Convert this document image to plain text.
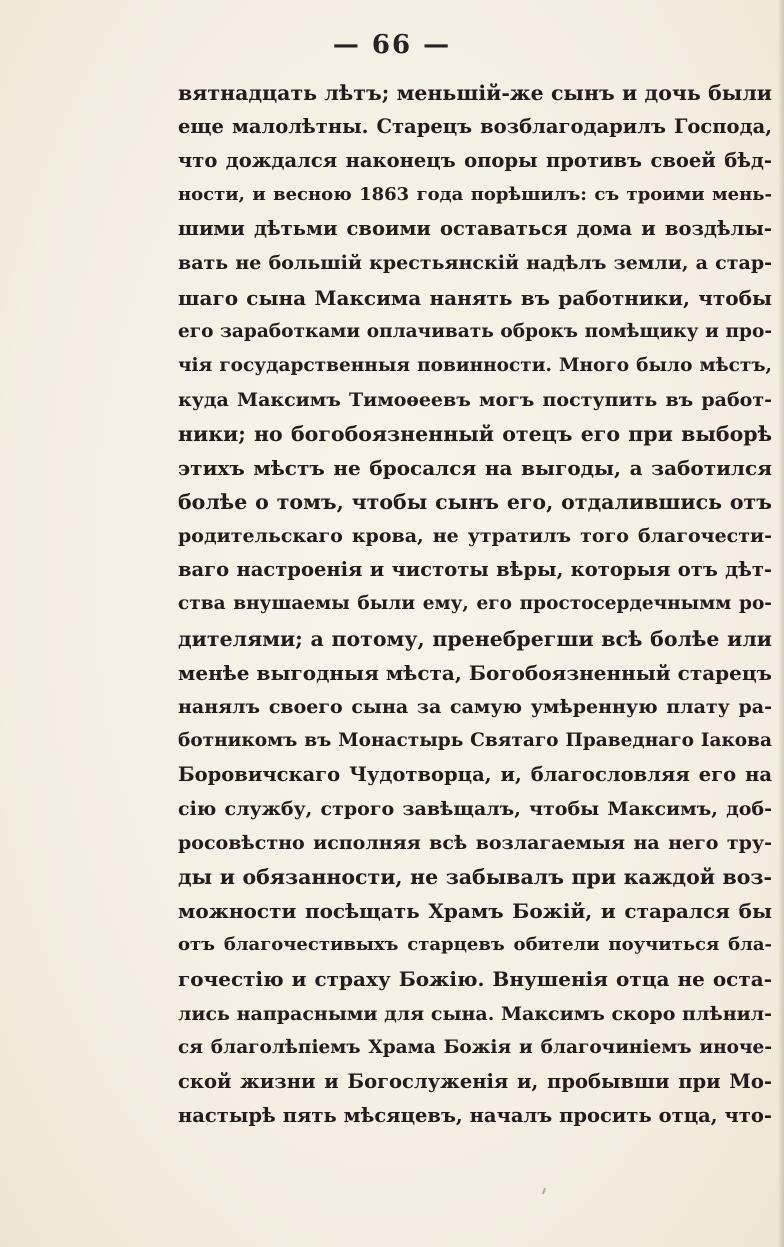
— 66 —
вятнадцать лѣтъ; меньшій-же сынъ и дочь были
еще малолѣтны. Старецъ возблагодарилъ Господа,
что дождался наконецъ опоры противъ своей бѣд-
ности, и весною 1863 года порѣшилъ: съ троими мень-
шими дѣтьми своими оставаться дома и воздѣлы-
вать не большій крестьянскій надѣлъ земли, а стар-
шаго сына Максима нанять въ работники, чтобы
его заработками оплачивать оброкъ помѣщику и про-
чія государственныя повинности. Много было мѣстъ,
куда Максимъ Тимоѳеевъ могъ поступить въ работ-
ники; но богобоязненный отецъ его при выборѣ
этихъ мѣстъ не бросался на выгоды, а заботился
болѣе о томъ, чтобы сынъ его, отдалившись отъ
родительскаго крова, не утратилъ того благочести-
ваго настроенія и чистоты вѣры, которыя отъ дѣт-
ства внушаемы были ему, его простосердечнымм ро-
дителями; а потому, пренебрегши всѣ болѣе или
менѣе выгодныя мѣста, Богобоязненный старецъ
нанялъ своего сына за самую умѣренную плату ра-
ботникомъ въ Монастырь Святаго Праведнаго Іакова
Боровичскаго Чудотворца, и, благословляя его на
сію службу, строго завѣщалъ, чтобы Максимъ, доб-
росовѣстно исполняя всѣ возлагаемыя на него тру-
ды и обязанности, не забывалъ при каждой воз-
можности посѣщать Храмъ Божій, и старался бы
отъ благочестивыхъ старцевъ обители поучиться бла-
гочестію и страху Божію. Внушенія отца не оста-
лись напрасными для сына. Максимъ скоро плѣнил-
ся благолѣпіемъ Храма Божія и благочиніемъ иноче-
ской жизни и Богослуженія и, пробывши при Мо-
настырѣ пять мѣсяцевъ, началъ просить отца, что-
